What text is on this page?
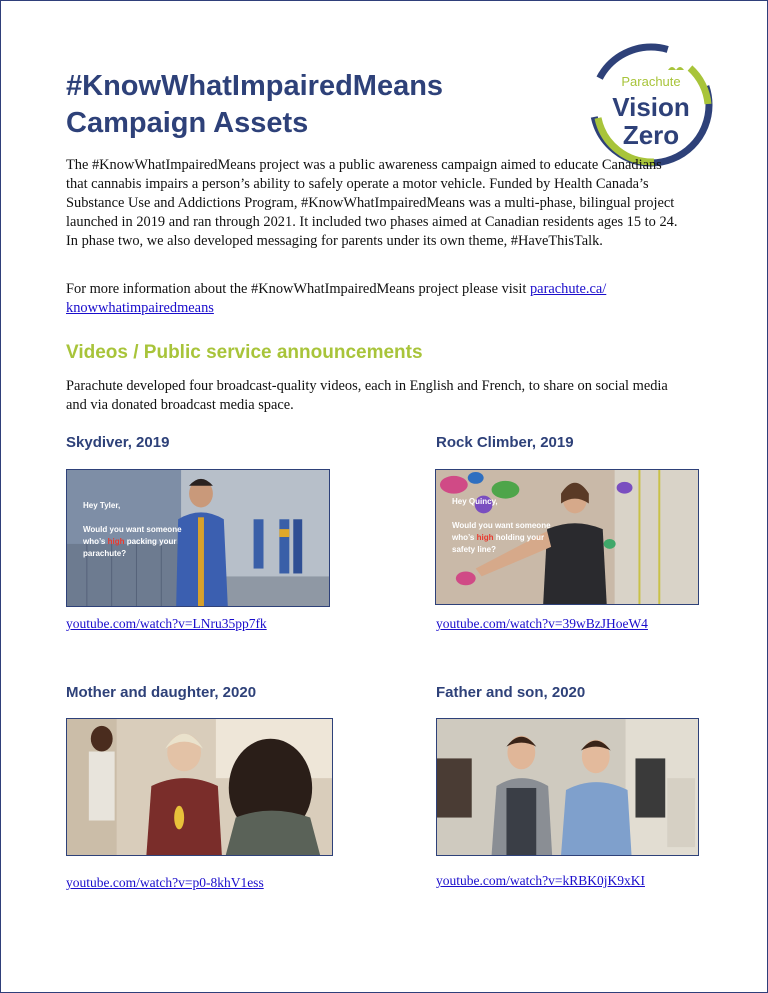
#KnowWhatImpairedMeans
Campaign Assets
Parachute
Vision
Zero

The #KnowWhatImpairedMeans project was a public awareness campaign aimed to educate Canadians that cannabis impairs a person’s ability to safely operate a motor vehicle. Funded by Health Canada’s Substance Use and Addictions Program, #KnowWhatImpairedMeans was a multi-phase, bilingual project launched in 2019 and ran through 2021. It included two phases aimed at Canadian residents ages 15 to 24. In phase two, we also developed messaging for parents under its own theme, #HaveThisTalk.

For more information about the #KnowWhatImpairedMeans project please visit parachute.ca/
knowwhatimpairedmeans

Videos / Public service announcements

Parachute developed four broadcast-quality videos, each in English and French, to share on social media and via donated broadcast media space.

Skydiver, 2019
Hey Tyler,

Would you want someone
who’s high packing your
parachute?
youtube.com/watch?v=LNru35pp7fk
Rock Climber, 2019
Hey Quincy,

Would you want someone
who’s high holding your
safety line?
youtube.com/watch?v=39wBzJHoeW4
Mother and daughter, 2020
youtube.com/watch?v=p0-8khV1ess
Father and son, 2020
youtube.com/watch?v=kRBK0jK9xKI
